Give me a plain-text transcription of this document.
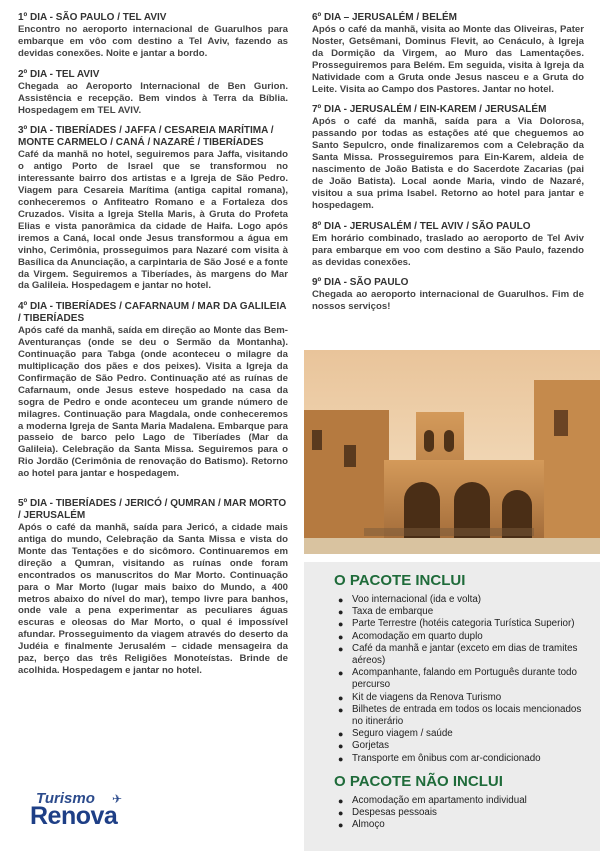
1º DIA - SÃO PAULO / TEL AVIV
Encontro no aeroporto internacional de Guarulhos para embarque em vôo com destino a Tel Aviv, fazendo as devidas conexões. Noite e jantar a bordo.
2º DIA - TEL AVIV
Chegada ao Aeroporto Internacional de Ben Gurion. Assistência e recepção. Bem vindos à Terra da Bíblia. Hospedagem em TEL AVIV.
3º DIA - TIBERÍADES / JAFFA / CESAREIA MARÍTIMA / MONTE CARMELO / CANÁ / NAZARÉ / TIBERÍADES
Café da manhã no hotel, seguiremos para Jaffa, visitando o antigo Porto de Israel que se transformou no interessante bairro dos artistas e a Igreja de São Pedro. Viagem para Cesareia Marítima (antiga capital romana), conheceremos o Anfiteatro Romano e a Fortaleza dos Cruzados. Visita a Igreja Stella Maris, à Gruta do Profeta Elias e vista panorâmica da cidade de Haifa. Logo após iremos a Caná, local onde Jesus transformou a água em vinho, Cerimônia, prosseguimos para Nazaré com visita à Basílica da Anunciação, a carpintaria de São José e a fonte da Virgem. Seguiremos a Tiberíades, às margens do Mar da Galileia. Hospedagem e jantar no hotel.
4º DIA - TIBERÍADES / CAFARNAUM / MAR DA GALILEIA / TIBERÍADES
Após café da manhã, saída em direção ao Monte das Bem-Aventuranças (onde se deu o Sermão da Montanha). Continuação para Tabga (onde aconteceu o milagre da multiplicação dos pães e dos peixes). Visita a Igreja da Confirmação de São Pedro. Continuação até as ruínas de Cafarnaum, onde Jesus esteve hospedado na casa da sogra de Pedro e onde aconteceu um grande número de milagres. Continuação para Magdala, onde conheceremos a moderna Igreja de Santa Maria Madalena. Embarque para passeio de barco pelo Lago de Tiberíades (Mar da Galileia). Celebração da Santa Missa. Seguiremos para o Rio Jordão (Cerimônia de renovação do Batismo). Retorno ao hotel para jantar e hospedagem.
5º DIA - TIBERÍADES / JERICÓ / QUMRAN / MAR MORTO / JERUSALÉM
Após o café da manhã, saída para Jericó, a cidade mais antiga do mundo, Celebração da Santa Missa e vista do Monte das Tentações e do sicômoro. Continuaremos em direção a Qumran, visitando as ruínas onde foram encontrados os manuscritos do Mar Morto. Continuação para o Mar Morto (lugar mais baixo do Mundo, a 400 metros abaixo do nível do mar), tempo livre para banhos, onde vale a pena experimentar as peculiares águas escuras e oleosas do Mar Morto, o qual é impossível afundar. Prosseguimento da viagem através do deserto da Judéia e finalmente Jerusalém – cidade mensageira da paz, berço das três Religiões Monoteístas. Brinde de acolhida. Hospedagem e jantar no hotel.
6º DIA – JERUSALÉM / BELÉM
Após o café da manhã, visita ao Monte das Oliveiras, Pater Noster, Getsêmani, Dominus Flevit, ao Cenáculo, à Igreja da Dormição da Virgem, ao Muro das Lamentações. Prosseguiremos para Belém. Em seguida, visita à Igreja da Natividade com a Gruta onde Jesus nasceu e a Gruta do Leite. Visita ao Campo dos Pastores. Jantar no hotel.
7º DIA - JERUSALÉM / EIN-KAREM / JERUSALÉM
Após o café da manhã, saída para a Via Dolorosa, passando por todas as estações até que cheguemos ao Santo Sepulcro, onde finalizaremos com a Celebração da Santa Missa. Prosseguiremos para Ein-Karem, aldeia de nascimento de João Batista e do Sacerdote Zacarias (pai de João Batista). Local aonde Maria, vindo de Nazaré, visitou a sua prima Isabel. Retorno ao hotel para jantar e hospedagem.
8º DIA - JERUSALÉM / TEL AVIV / SÃO PAULO
Em horário combinado, traslado ao aeroporto de Tel Aviv para embarque em voo com destino a São Paulo, fazendo as devidas conexões.
9º DIA - SÃO PAULO
Chegada ao aeroporto internacional de Guarulhos. Fim de nossos serviços!
O PACOTE INCLUI
● Voo internacional (ida e volta)
● Taxa de embarque
● Parte Terrestre (hotéis categoria Turística Superior)
● Acomodação em quarto duplo
● Café da manhã e jantar (exceto em dias de tramites aéreos)
● Acompanhante, falando em Português durante todo percurso
● Kit de viagens da Renova Turismo
● Bilhetes de entrada em todos os locais mencionados no itinerário
● Seguro viagem / saúde
● Gorjetas
● Transporte em ônibus com ar-condicionado
O PACOTE NÃO INCLUI
● Acomodação em apartamento individual
● Despesas pessoais
● Almoço
Turismo ✈
Renova
